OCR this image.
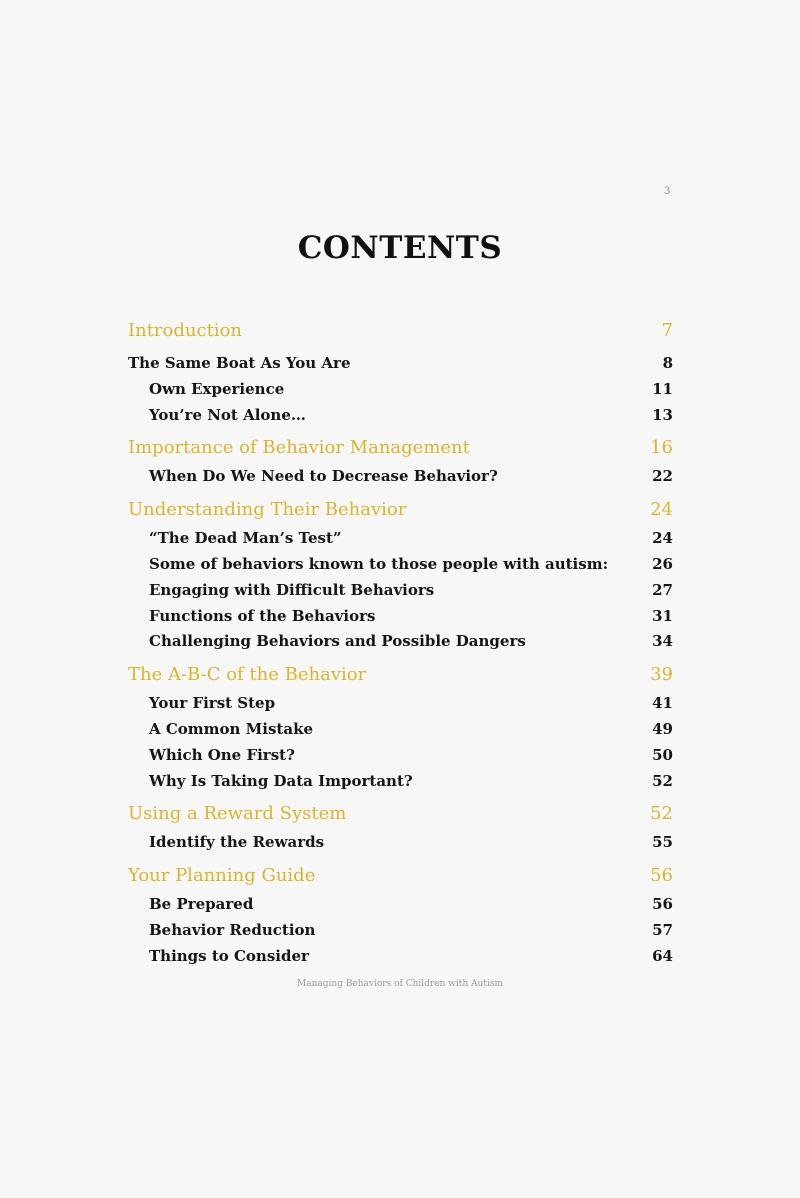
3
CONTENTS
Introduction	7
The Same Boat As You Are	8
Own Experience	11
You’re Not Alone…	13
Importance of Behavior Management	16
When Do We Need to Decrease Behavior?	22
Understanding Their Behavior	24
“The Dead Man’s Test”	24
Some of behaviors known to those people with autism:	26
Engaging with Difficult Behaviors	27
Functions of the Behaviors	31
Challenging Behaviors and Possible Dangers	34
The A-B-C of the Behavior	39
Your First Step	41
A Common Mistake	49
Which One First?	50
Why Is Taking Data Important?	52
Using a Reward System	52
Identify the Rewards	55
Your Planning Guide	56
Be Prepared	56
Behavior Reduction	57
Things to Consider	64
Managing Behaviors of Children with Autism
